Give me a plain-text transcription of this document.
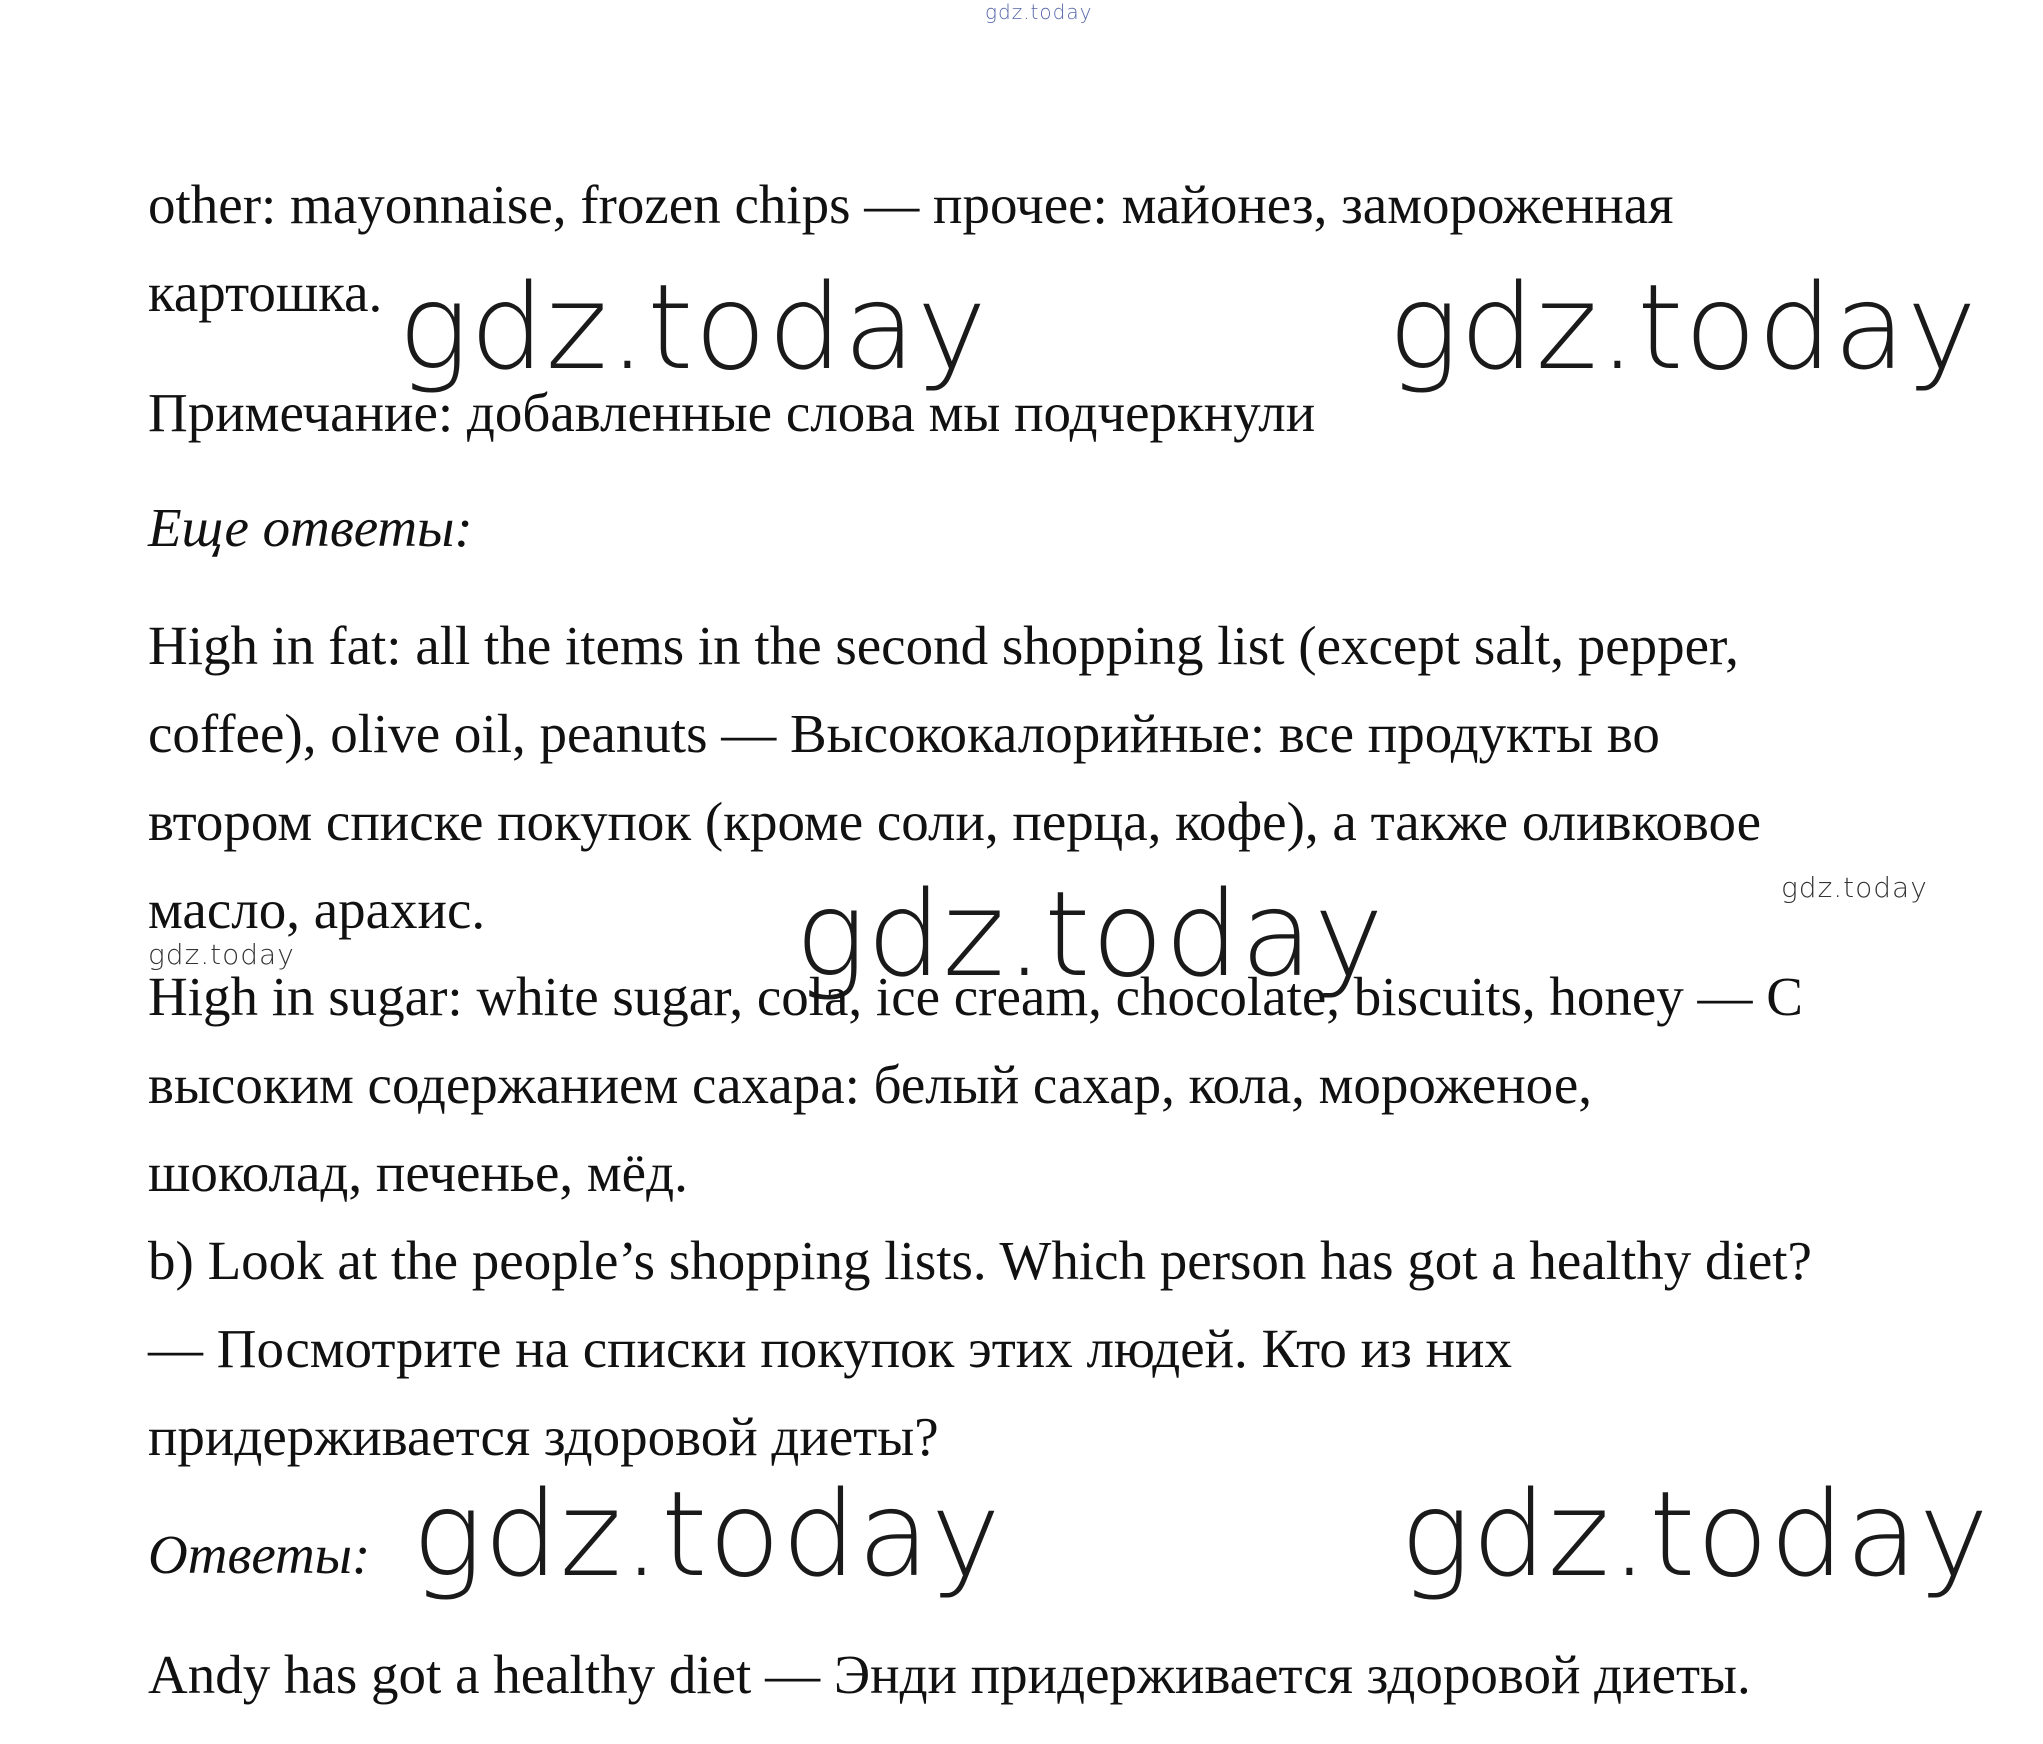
gdz.today
gdz.today	gdz.today
gdz.today	gdz.today
gdz.today
gdz.today	gdz.today

other: mayonnaise, frozen chips — прочее: майонез, замороженная

картошка.

Примечание: добавленные слова мы подчеркнули

Еще ответы:

High in fat: all the items in the second shopping list (except salt, pepper,

coffee), olive oil, peanuts — Высококалорийные: все продукты во

втором списке покупок (кроме соли, перца, кофе), а также оливковое

масло, арахис.

High in sugar: white sugar, cola, ice cream, chocolate, biscuits, honey — С

высоким содержанием сахара: белый сахар, кола, мороженое,

шоколад, печенье, мёд.

b) Look at the people’s shopping lists. Which person has got a healthy diet?

— Посмотрите на списки покупок этих людей. Кто из них

придерживается здоровой диеты?

Ответы:

Andy has got a healthy diet — Энди придерживается здоровой диеты.
